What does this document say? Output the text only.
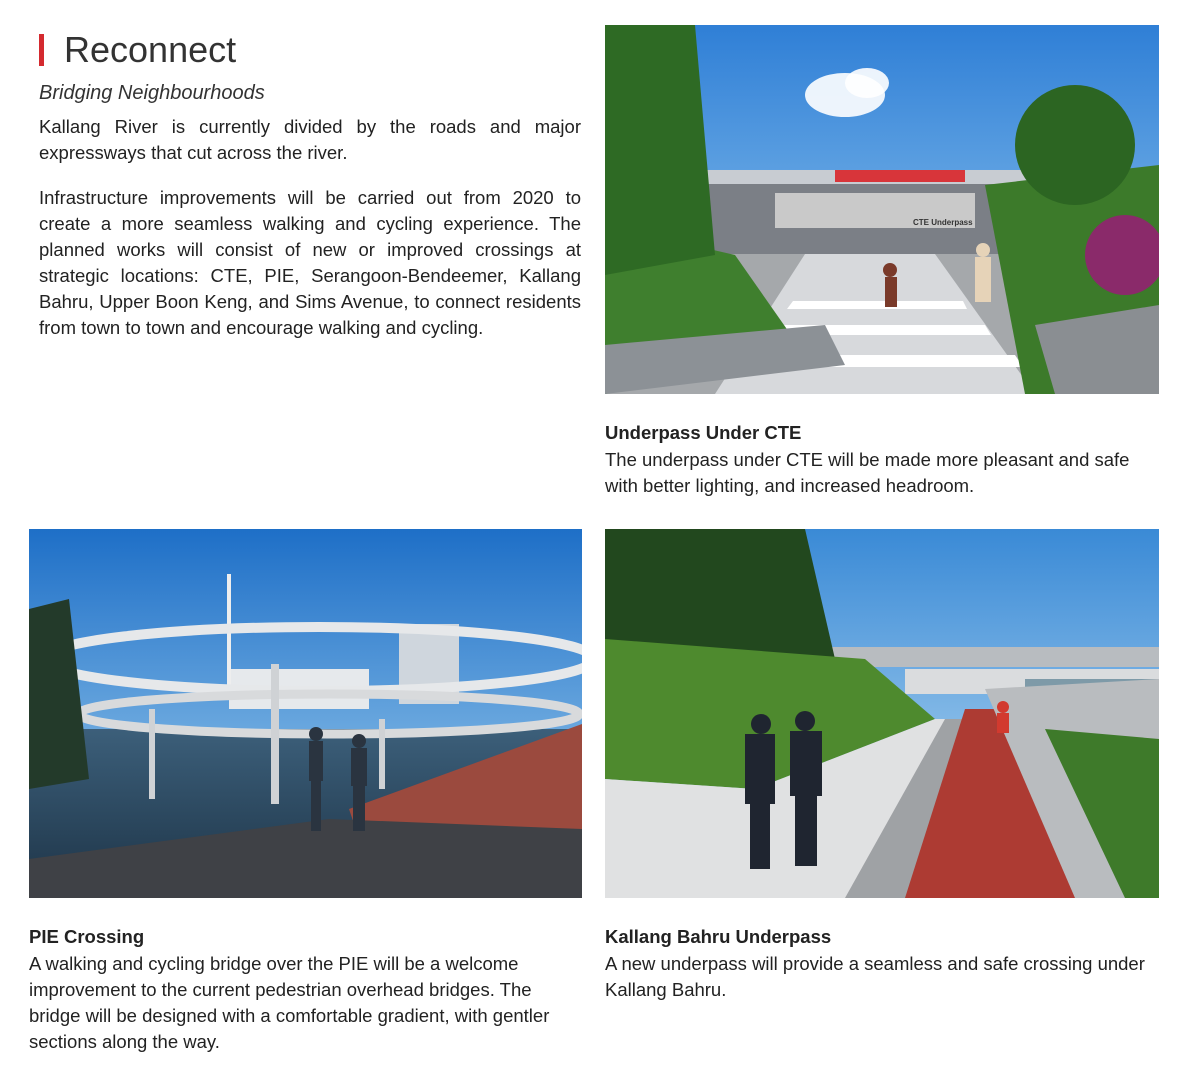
Reconnect
Bridging Neighbourhoods

Kallang River is currently divided by the roads and major expressways that cut across the river.

Infrastructure improvements will be carried out from 2020 to create a more seamless walking and cycling experience. The planned works will consist of new or improved crossings at strategic locations: CTE, PIE, Serangoon-Bendeemer, Kallang Bahru, Upper Boon Keng, and Sims Avenue, to connect residents from town to town and encourage walking and cycling.

CTE Underpass
Underpass Under CTE

The underpass under CTE will be made more pleasant and safe with better lighting, and increased headroom.

PIE Crossing

A walking and cycling bridge over the PIE will be a welcome improvement to the current pedestrian overhead bridges. The bridge will be designed with a comfortable gradient, with gentler sections along the way.

Kallang Bahru Underpass

A new underpass will provide a seamless and safe crossing under Kallang Bahru.
